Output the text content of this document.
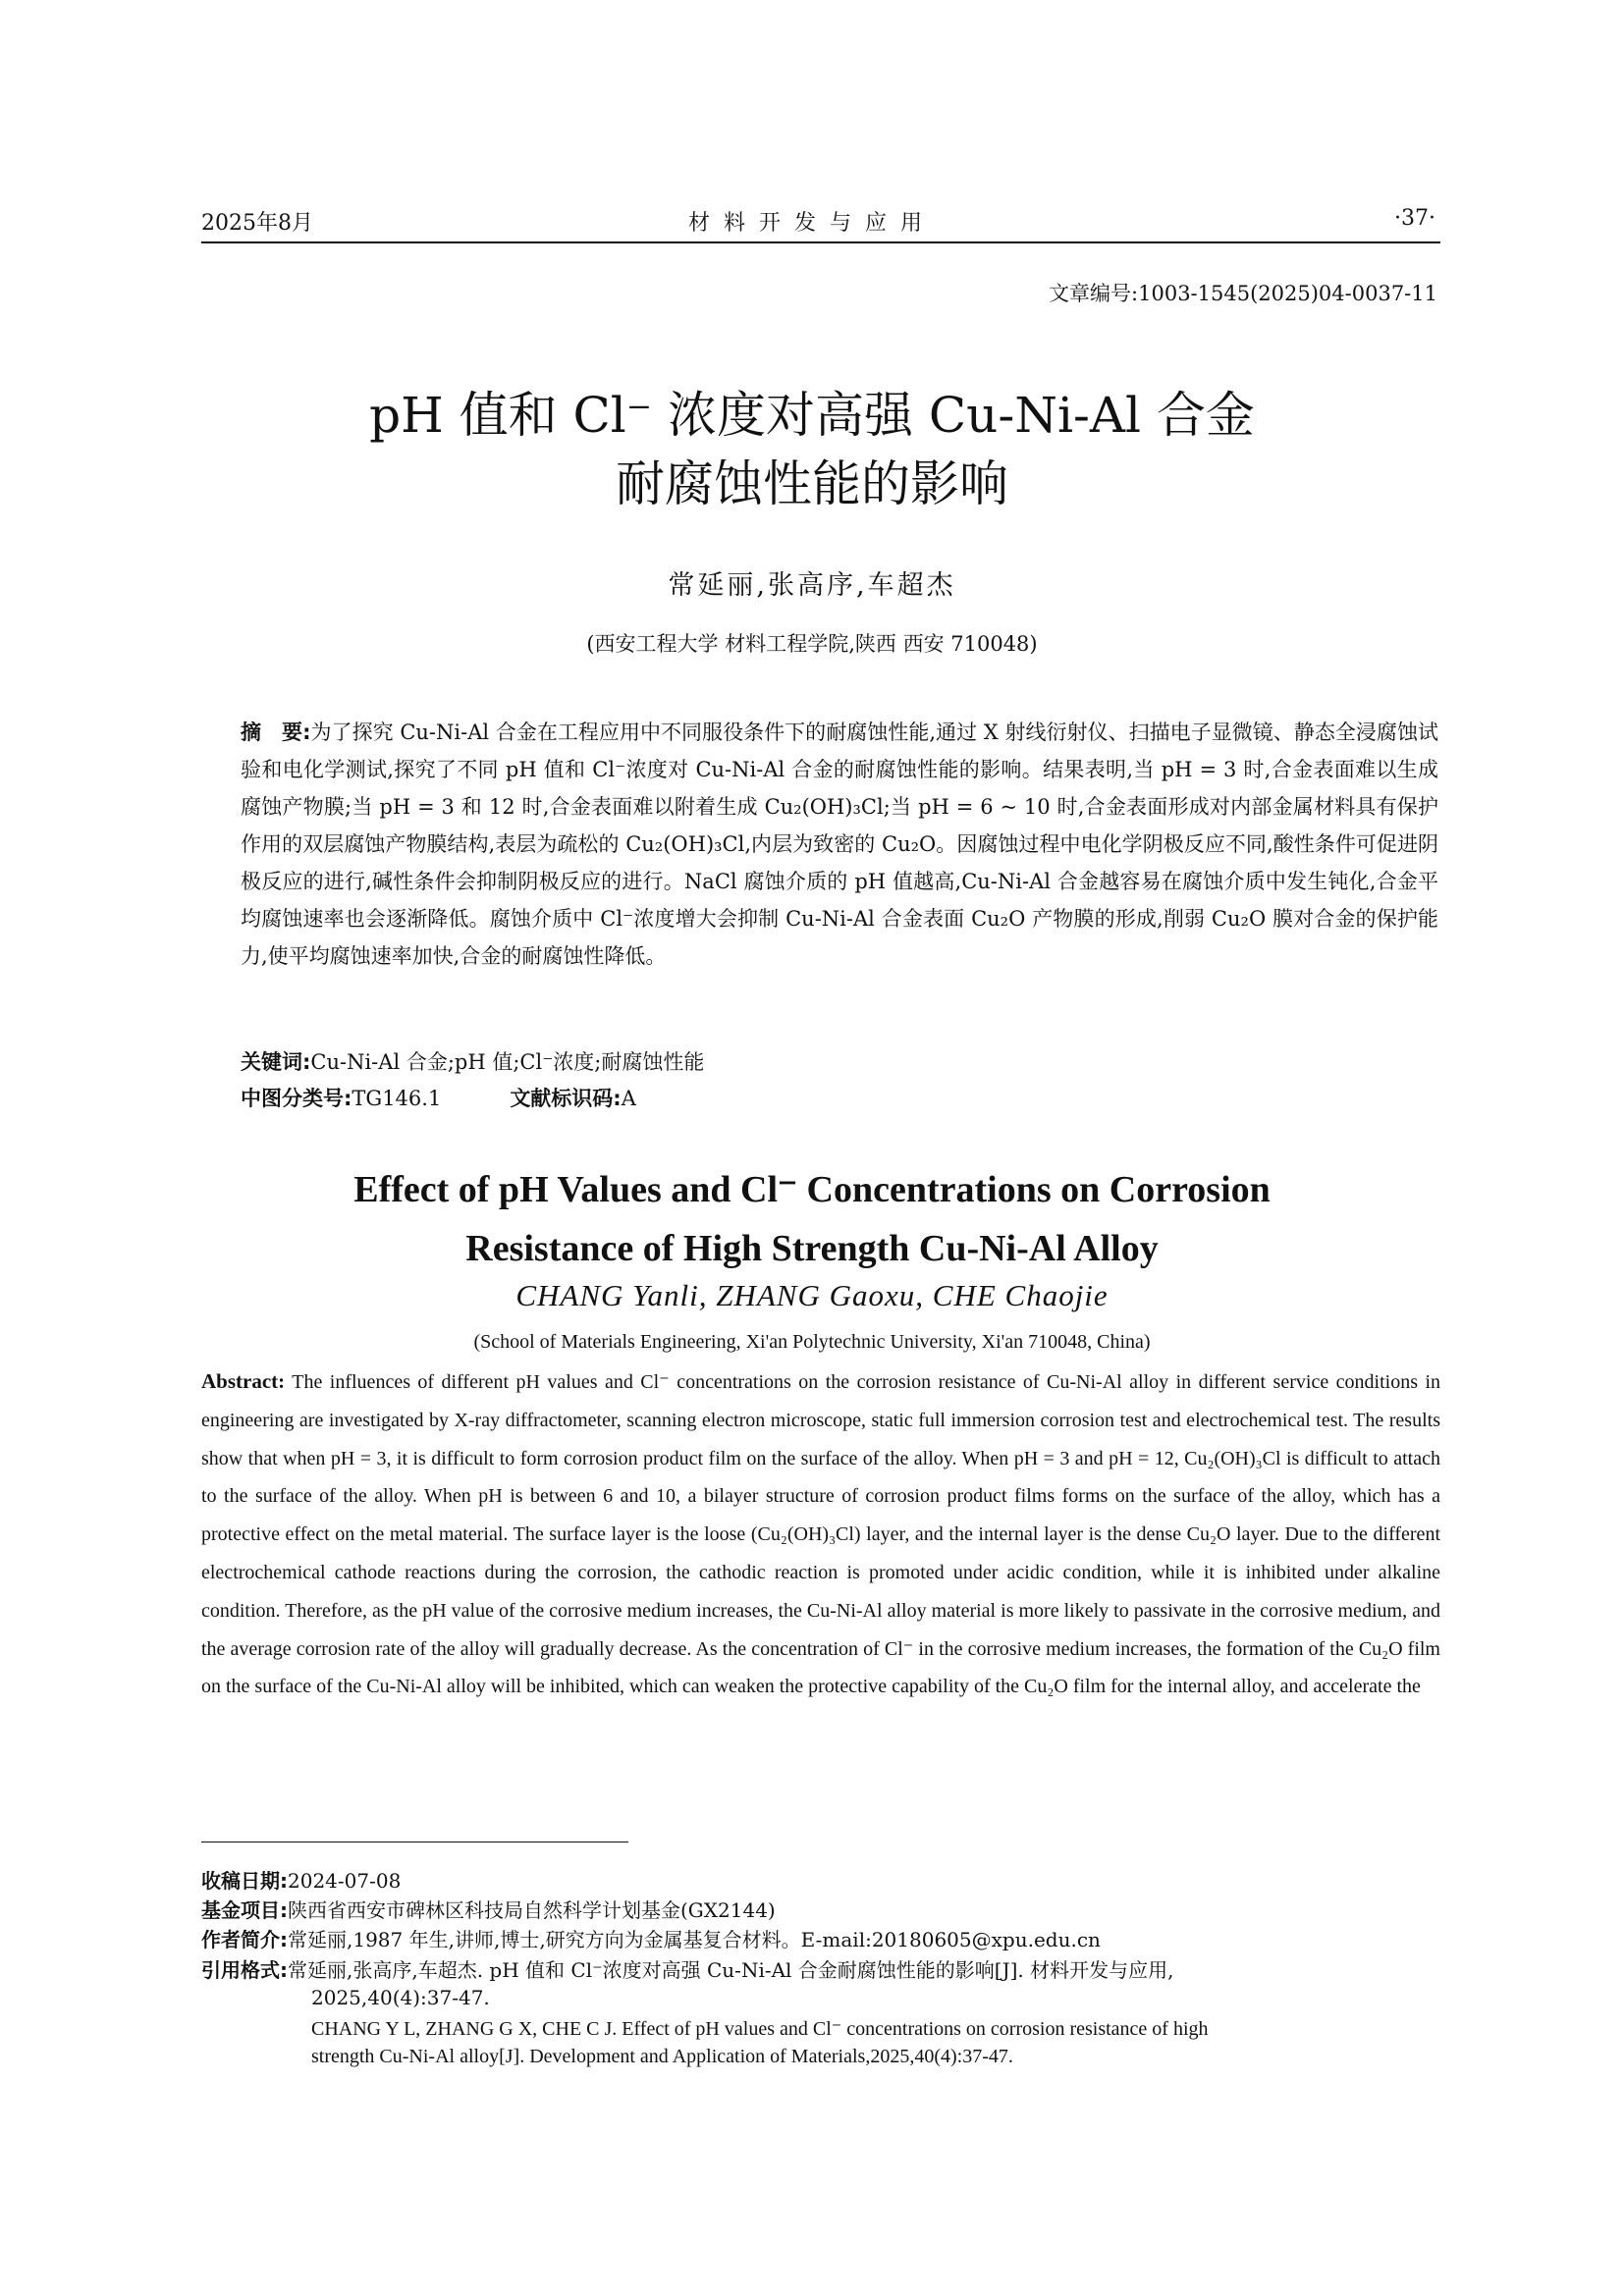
2025年8月	材料开发与应用	·37·
文章编号:1003-1545(2025)04-0037-11
pH 值和 Cl⁻ 浓度对高强 Cu-Ni-Al 合金
耐腐蚀性能的影响
常延丽,张高序,车超杰
(西安工程大学 材料工程学院,陕西 西安 710048)
摘　要:为了探究 Cu-Ni-Al 合金在工程应用中不同服役条件下的耐腐蚀性能,通过 X 射线衍射仪、扫描电子显微镜、静态全浸腐蚀试验和电化学测试,探究了不同 pH 值和 Cl⁻浓度对 Cu-Ni-Al 合金的耐腐蚀性能的影响。结果表明,当 pH = 3 时,合金表面难以生成腐蚀产物膜;当 pH = 3 和 12 时,合金表面难以附着生成 Cu₂(OH)₃Cl;当 pH = 6 ~ 10 时,合金表面形成对内部金属材料具有保护作用的双层腐蚀产物膜结构,表层为疏松的 Cu₂(OH)₃Cl,内层为致密的 Cu₂O。因腐蚀过程中电化学阴极反应不同,酸性条件可促进阴极反应的进行,碱性条件会抑制阴极反应的进行。NaCl 腐蚀介质的 pH 值越高,Cu-Ni-Al 合金越容易在腐蚀介质中发生钝化,合金平均腐蚀速率也会逐渐降低。腐蚀介质中 Cl⁻浓度增大会抑制 Cu-Ni-Al 合金表面 Cu₂O 产物膜的形成,削弱 Cu₂O 膜对合金的保护能力,使平均腐蚀速率加快,合金的耐腐蚀性降低。
关键词:Cu-Ni-Al 合金;pH 值;Cl⁻浓度;耐腐蚀性能
中图分类号:TG146.1	文献标识码:A
Effect of pH Values and Cl⁻ Concentrations on Corrosion
Resistance of High Strength Cu-Ni-Al Alloy
CHANG Yanli, ZHANG Gaoxu, CHE Chaojie
(School of Materials Engineering, Xi'an Polytechnic University, Xi'an 710048, China)
Abstract: The influences of different pH values and Cl⁻ concentrations on the corrosion resistance of Cu-Ni-Al alloy in different service conditions in engineering are investigated by X-ray diffractometer, scanning electron microscope, static full immersion corrosion test and electrochemical test. The results show that when pH = 3, it is difficult to form corrosion product film on the surface of the alloy. When pH = 3 and pH = 12, Cu₂(OH)₃Cl is difficult to attach to the surface of the alloy. When pH is between 6 and 10, a bilayer structure of corrosion product films forms on the surface of the alloy, which has a protective effect on the metal material. The surface layer is the loose (Cu₂(OH)₃Cl) layer, and the internal layer is the dense Cu₂O layer. Due to the different electrochemical cathode reactions during the corrosion, the cathodic reaction is promoted under acidic condition, while it is inhibited under alkaline condition. Therefore, as the pH value of the corrosive medium increases, the Cu-Ni-Al alloy material is more likely to passivate in the corrosive medium, and the average corrosion rate of the alloy will gradually decrease. As the concentration of Cl⁻ in the corrosive medium increases, the formation of the Cu₂O film on the surface of the Cu-Ni-Al alloy will be inhibited, which can weaken the protective capability of the Cu₂O film for the internal alloy, and accelerate the
收稿日期:2024-07-08
基金项目:陕西省西安市碑林区科技局自然科学计划基金(GX2144)
作者简介:常延丽,1987 年生,讲师,博士,研究方向为金属基复合材料。E-mail:20180605@xpu.edu.cn
引用格式:常延丽,张高序,车超杰. pH 值和 Cl⁻浓度对高强 Cu-Ni-Al 合金耐腐蚀性能的影响[J]. 材料开发与应用,
2025,40(4):37-47.
CHANG Y L, ZHANG G X, CHE C J. Effect of pH values and Cl⁻ concentrations on corrosion resistance of high
strength Cu-Ni-Al alloy[J]. Development and Application of Materials,2025,40(4):37-47.
